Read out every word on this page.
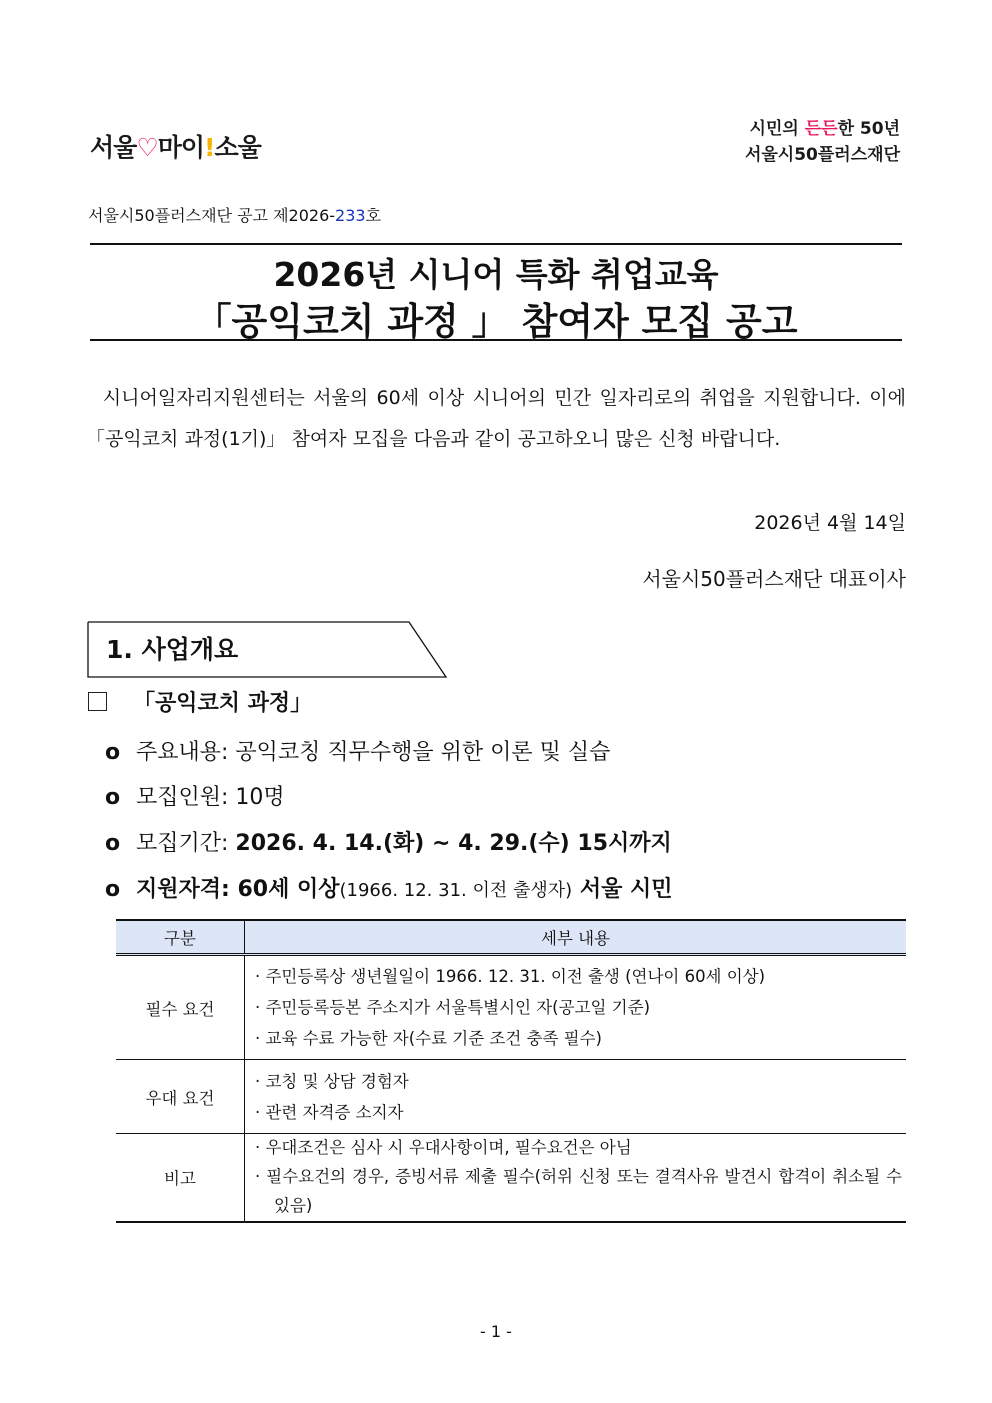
서울♡마이!소울
시민의 든든한 50년
서울시50플러스재단
서울시50플러스재단 공고 제2026-233호
2026년 시니어 특화 취업교육
「공익코치 과정 」 참여자 모집 공고
시니어일자리지원센터는 서울의 60세 이상 시니어의 민간 일자리로의 취업을 지원합니다. 이에 「공익코치 과정(1기)」 참여자 모집을 다음과 같이 공고하오니 많은 신청 바랍니다.
2026년 4월 14일
서울시50플러스재단 대표이사
1. 사업개요
「공익코치 과정」
o 주요내용: 공익코칭 직무수행을 위한 이론 및 실습
o 모집인원: 10명
o 모집기간: 2026. 4. 14.(화) ~ 4. 29.(수) 15시까지
o 지원자격: 60세 이상(1966. 12. 31. 이전 출생자) 서울 시민
구분	세부 내용
필수 요건	· 주민등록상 생년월일이 1966. 12. 31. 이전 출생 (연나이 60세 이상)
· 주민등록등본 주소지가 서울특별시인 자(공고일 기준)
· 교육 수료 가능한 자(수료 기준 조건 충족 필수)

우대 요건	· 코칭 및 상담 경험자
· 관련 자격증 소지자

비고	· 우대조건은 심사 시 우대사항이며, 필수요건은 아님
· 필수요건의 경우, 증빙서류 제출 필수(허위 신청 또는 결격사유 발견시 합격이 취소될 수 있음)
- 1 -
